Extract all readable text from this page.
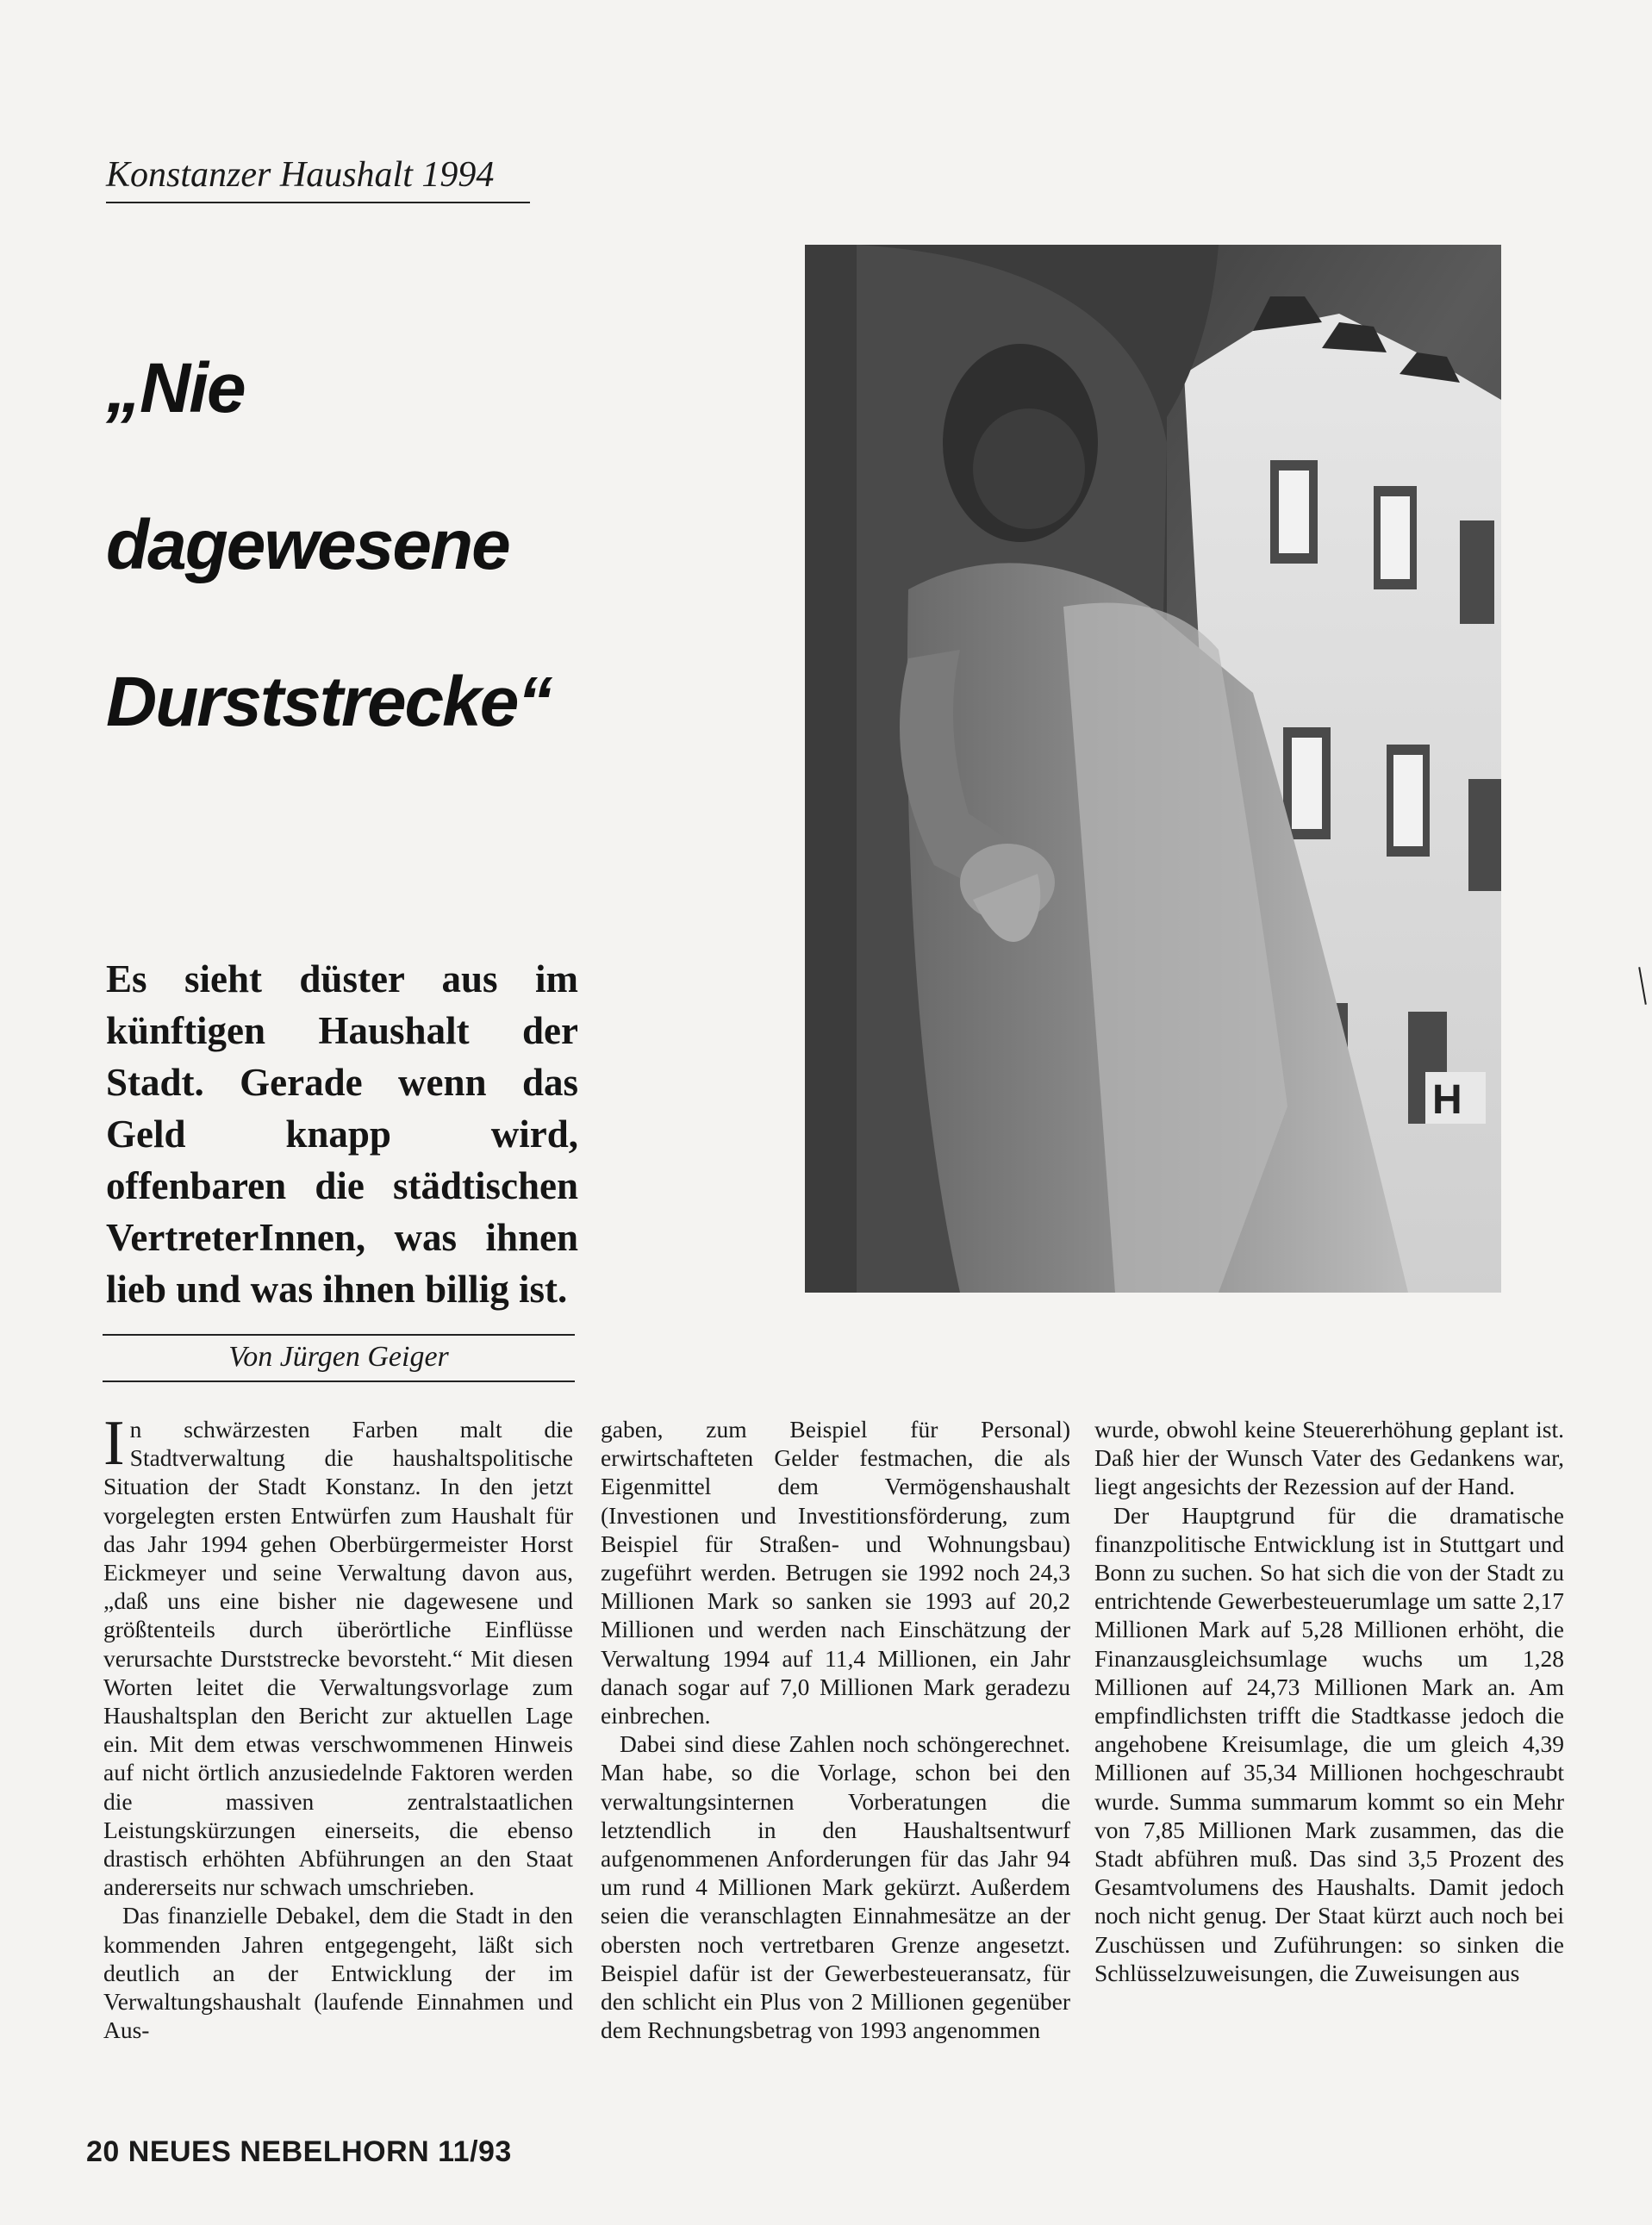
Konstanzer Haushalt 1994
„Nie
dagewesene
Durststrecke“
H
Es sieht düster aus im künftigen Haushalt der Stadt. Gerade wenn das Geld knapp wird, offenbaren die städtischen VertreterInnen, was ihnen lieb und was ihnen billig ist.
Von Jürgen Geiger

In schwärzesten Farben malt die Stadtverwaltung die haushaltspolitische Situation der Stadt Konstanz. In den jetzt vorgelegten ersten Entwürfen zum Haushalt für das Jahr 1994 gehen Oberbürgermeister Horst Eickmeyer und seine Verwaltung davon aus, „daß uns eine bisher nie dagewesene und größtenteils durch überörtliche Einflüsse verursachte Durststrecke bevorsteht.“ Mit diesen Worten leitet die Verwaltungsvorlage zum Haushaltsplan den Bericht zur aktuellen Lage ein. Mit dem etwas verschwommenen Hinweis auf nicht örtlich anzusiedelnde Faktoren werden die massiven zentralstaatlichen Leistungskürzungen einerseits, die ebenso drastisch erhöhten Abführungen an den Staat andererseits nur schwach umschrieben.

Das finanzielle Debakel, dem die Stadt in den kommenden Jahren entgegengeht, läßt sich deutlich an der Entwicklung der im Verwaltungshaushalt (laufende Einnahmen und Aus-

gaben, zum Beispiel für Personal) erwirtschafteten Gelder festmachen, die als Eigenmittel dem Vermögenshaushalt (Investionen und Investitionsförderung, zum Beispiel für Straßen- und Wohnungsbau) zugeführt werden. Betrugen sie 1992 noch 24,3 Millionen Mark so sanken sie 1993 auf 20,2 Millionen und werden nach Einschätzung der Verwaltung 1994 auf 11,4 Millionen, ein Jahr danach sogar auf 7,0 Millionen Mark geradezu einbrechen.

Dabei sind diese Zahlen noch schöngerechnet. Man habe, so die Vorlage, schon bei den verwaltungsinternen Vorberatungen die letztendlich in den Haushaltsentwurf aufgenommenen Anforderungen für das Jahr 94 um rund 4 Millionen Mark gekürzt. Außerdem seien die veranschlagten Einnahmesätze an der obersten noch vertretbaren Grenze angesetzt. Beispiel dafür ist der Gewerbesteueransatz, für den schlicht ein Plus von 2 Millionen gegenüber dem Rechnungsbetrag von 1993 angenommen

wurde, obwohl keine Steuererhöhung geplant ist. Daß hier der Wunsch Vater des Gedankens war, liegt angesichts der Rezession auf der Hand.

Der Hauptgrund für die dramatische finanzpolitische Entwicklung ist in Stuttgart und Bonn zu suchen. So hat sich die von der Stadt zu entrichtende Gewerbesteuerumlage um satte 2,17 Millionen Mark auf 5,28 Millionen erhöht, die Finanzausgleichsumlage wuchs um 1,28 Millionen auf 24,73 Millionen Mark an. Am empfindlichsten trifft die Stadtkasse jedoch die angehobene Kreisumlage, die um gleich 4,39 Millionen auf 35,34 Millionen hochgeschraubt wurde. Summa summarum kommt so ein Mehr von 7,85 Millionen Mark zusammen, das die Stadt abführen muß. Das sind 3,5 Prozent des Gesamtvolumens des Haushalts. Damit jedoch noch nicht genug. Der Staat kürzt auch noch bei Zuschüssen und Zuführungen: so sinken die Schlüsselzuweisungen, die Zuweisungen aus

20 NEUES NEBELHORN 11/93
